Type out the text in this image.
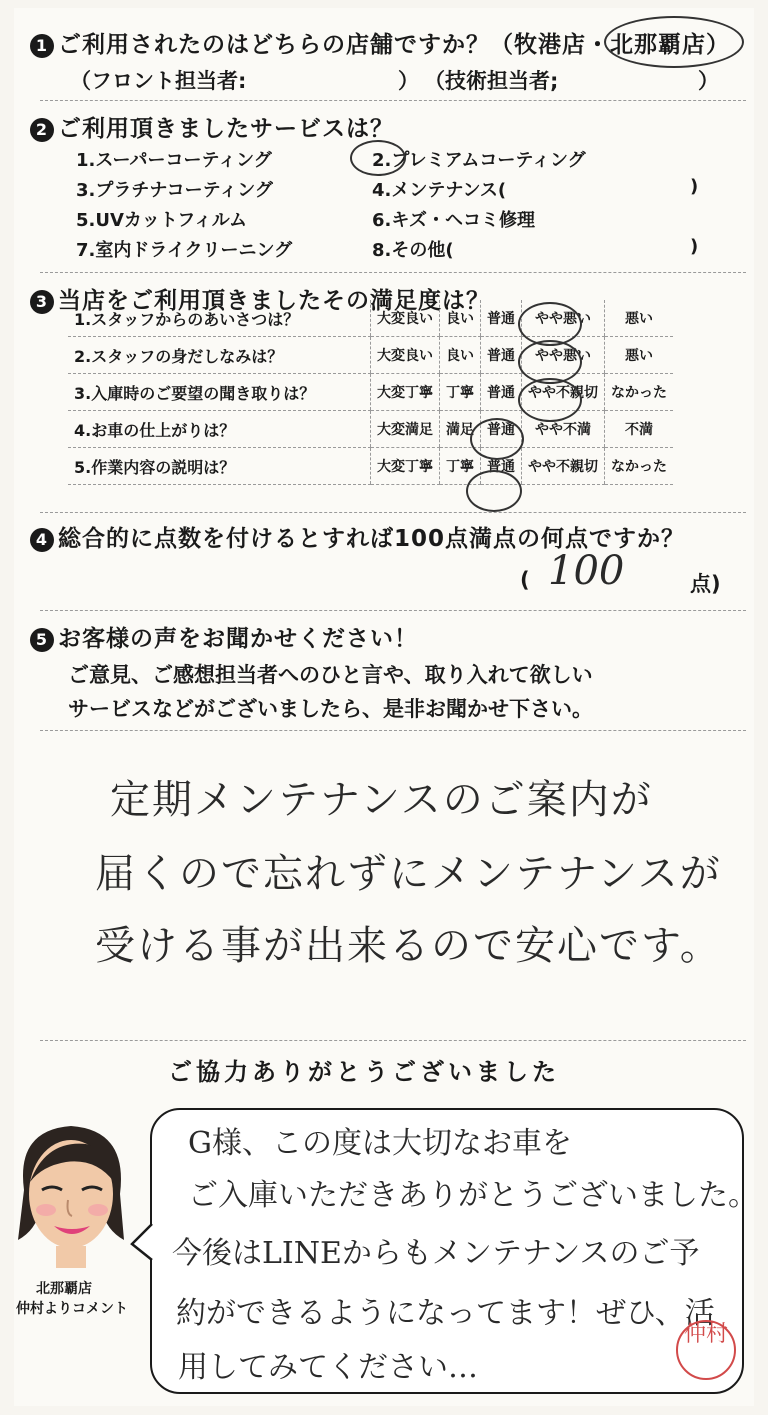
1 ご利用されたのはどちらの店舗ですか？（牧港店・北那覇店）
（フロント担当者:	） （技術担当者;	）
2 ご利用頂きましたサービスは？
1.スーパーコーティング	2.プレミアムコーティング
3.プラチナコーティング	4.メンテナンス(	)
5.UVカットフィルム	6.キズ・ヘコミ修理
7.室内ドライクリーニング	8.その他(	)
3 当店をご利用頂きましたその満足度は？
1.スタッフからのあいさつは？	大変良い	良い	普通	やや悪い	悪い
2.スタッフの身だしなみは？	大変良い	良い	普通	やや悪い	悪い
3.入庫時のご要望の聞き取りは？	大変丁寧	丁寧	普通	やや不親切	なかった
4.お車の仕上がりは？	大変満足	満足	普通	やや不満	不満
5.作業内容の説明は？	大変丁寧	丁寧	普通	やや不親切	なかった
4 総合的に点数を付けるとすれば100点満点の何点ですか？
( 100	点)
5 お客様の声をお聞かせください！
ご意見、ご感想担当者へのひと言や、取り入れて欲しい
サービスなどがございましたら、是非お聞かせ下さい。
定期メンテナンスのご案内が
届くので忘れずにメンテナンスが
受ける事が出来るので安心です。
ご協力ありがとうございました
北那覇店
仲村よりコメント
G様、この度は大切なお車を
ご入庫いただきありがとうございました。
今後はLINEからもメンテナンスのご予
約ができるようになってます！ぜひ、活
用してみてください…
仲村
